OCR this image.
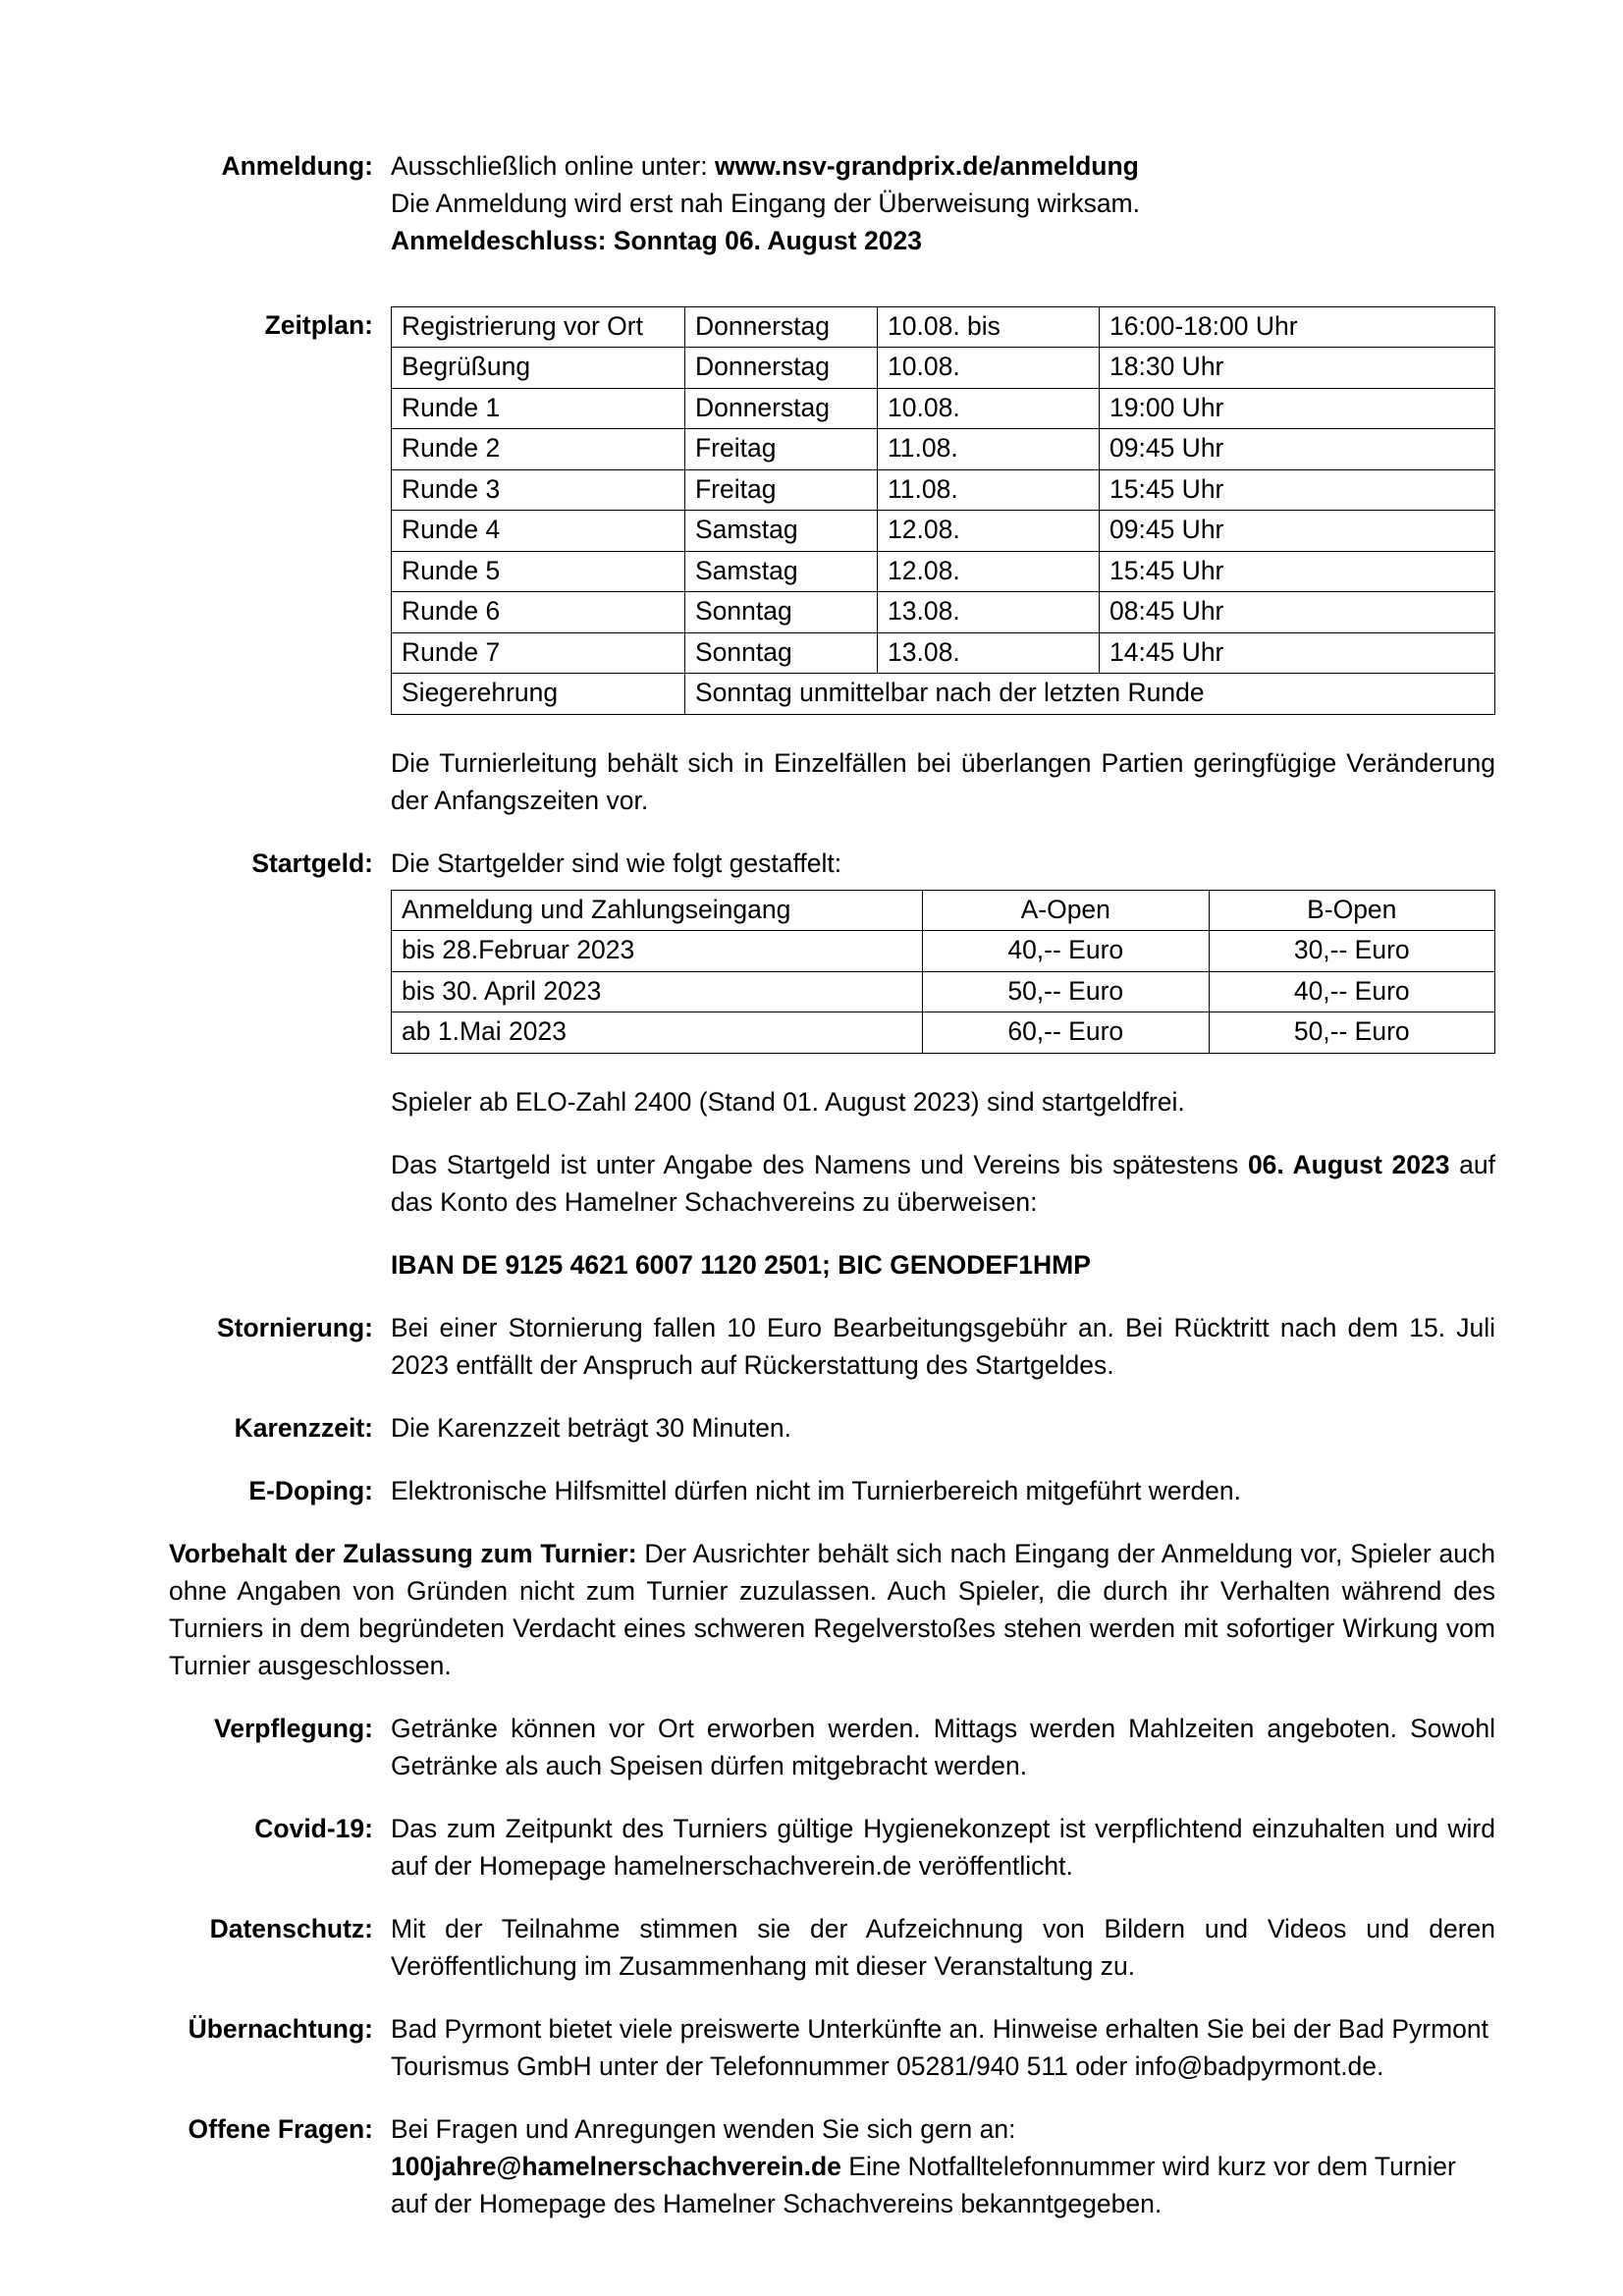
Anmeldung: Ausschließlich online unter: www.nsv-grandprix.de/anmeldung

Die Anmeldung wird erst nah Eingang der Überweisung wirksam.

Anmeldeschluss: Sonntag 06. August 2023

Zeitplan: Registrierung vor Ort	Donnerstag	10.08. bis	16:00-18:00 Uhr
Begrüßung	Donnerstag	10.08.	18:30 Uhr
Runde 1	Donnerstag	10.08.	19:00 Uhr
Runde 2	Freitag	11.08.	09:45 Uhr
Runde 3	Freitag	11.08.	15:45 Uhr
Runde 4	Samstag	12.08.	09:45 Uhr
Runde 5	Samstag	12.08.	15:45 Uhr
Runde 6	Sonntag	13.08.	08:45 Uhr
Runde 7	Sonntag	13.08.	14:45 Uhr
Siegerehrung	Sonntag unmittelbar nach der letzten Runde		

Die Turnierleitung behält sich in Einzelfällen bei überlangen Partien geringfügige Veränderung der Anfangszeiten vor.

Startgeld: Die Startgelder sind wie folgt gestaffelt:

Anmeldung und Zahlungseingang	A-Open	B-Open
bis 28.Februar 2023	40,-- Euro	30,-- Euro
bis 30. April 2023	50,-- Euro	40,-- Euro
ab 1.Mai 2023	60,-- Euro	50,-- Euro

Spieler ab ELO-Zahl 2400 (Stand 01. August 2023) sind startgeldfrei.

Das Startgeld ist unter Angabe des Namens und Vereins bis spätestens 06. August 2023 auf das Konto des Hamelner Schachvereins zu überweisen:

IBAN DE 9125 4621 6007 1120 2501; BIC GENODEF1HMP

Stornierung: Bei einer Stornierung fallen 10 Euro Bearbeitungsgebühr an. Bei Rücktritt nach dem 15. Juli 2023 entfällt der Anspruch auf Rückerstattung des Startgeldes.

Karenzzeit: Die Karenzzeit beträgt 30 Minuten.

E-Doping: Elektronische Hilfsmittel dürfen nicht im Turnierbereich mitgeführt werden.

Vorbehalt der Zulassung zum Turnier: Der Ausrichter behält sich nach Eingang der Anmeldung vor, Spieler auch ohne Angaben von Gründen nicht zum Turnier zuzulassen. Auch Spieler, die durch ihr Verhalten während des Turniers in dem begründeten Verdacht eines schweren Regelverstoßes stehen werden mit sofortiger Wirkung vom Turnier ausgeschlossen.

Verpflegung: Getränke können vor Ort erworben werden. Mittags werden Mahlzeiten angeboten. Sowohl Getränke als auch Speisen dürfen mitgebracht werden.

Covid-19: Das zum Zeitpunkt des Turniers gültige Hygienekonzept ist verpflichtend einzuhalten und wird auf der Homepage hamelnerschachverein.de veröffentlicht.

Datenschutz: Mit der Teilnahme stimmen sie der Aufzeichnung von Bildern und Videos und deren Veröffentlichung im Zusammenhang mit dieser Veranstaltung zu.

Übernachtung: Bad Pyrmont bietet viele preiswerte Unterkünfte an. Hinweise erhalten Sie bei der Bad Pyrmont Tourismus GmbH unter der Telefonnummer 05281/940 511 oder info@badpyrmont.de.

Offene Fragen: Bei Fragen und Anregungen wenden Sie sich gern an:

100jahre@hamelnerschachverein.de Eine Notfalltelefonnummer wird kurz vor dem Turnier auf der Homepage des Hamelner Schachvereins bekanntgegeben.
